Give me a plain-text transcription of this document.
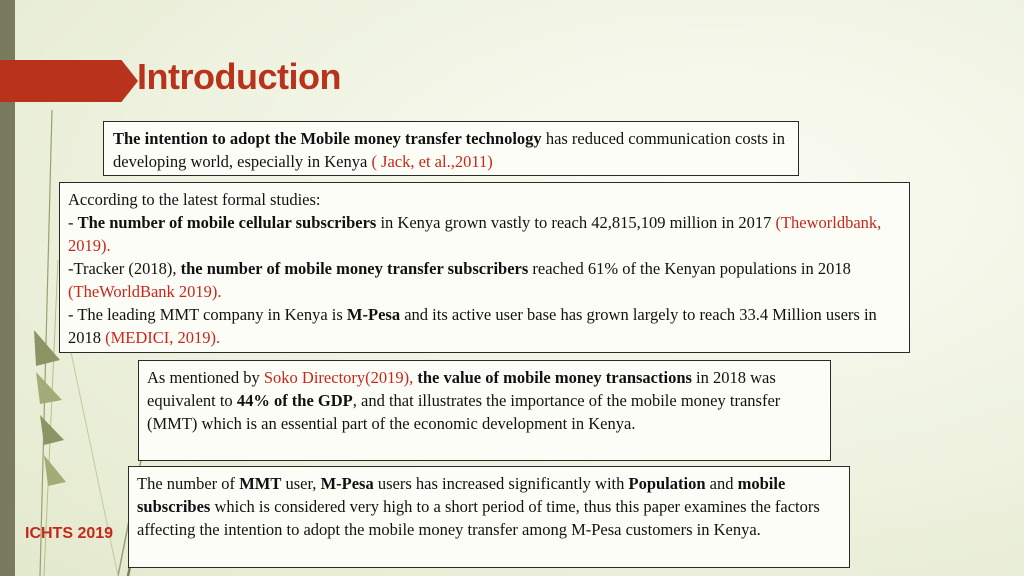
Introduction

The intention to adopt the Mobile money transfer technology has reduced communication costs in developing world, especially in Kenya ( Jack, et al.,2011)

According to the latest formal studies:

- The number of mobile cellular subscribers in Kenya grown vastly to reach 42,815,109 million in 2017 (Theworldbank, 2019).

-Tracker (2018), the number of mobile money transfer subscribers reached 61% of the Kenyan populations in 2018 (TheWorldBank 2019).

- The leading MMT company in Kenya is M-Pesa and its active user base has grown largely to reach 33.4 Million users in 2018 (MEDICI, 2019).

As mentioned by Soko Directory(2019), the value of mobile money transactions in 2018 was equivalent to 44% of the GDP, and that illustrates the importance of the mobile money transfer (MMT) which is an essential part of the economic development in Kenya.

The number of MMT user, M-Pesa users has increased significantly with Population and mobile subscribes which is considered very high to a short period of time, thus this paper examines the factors affecting the intention to adopt the mobile money transfer among M-Pesa customers in Kenya.

ICHTS 2019
